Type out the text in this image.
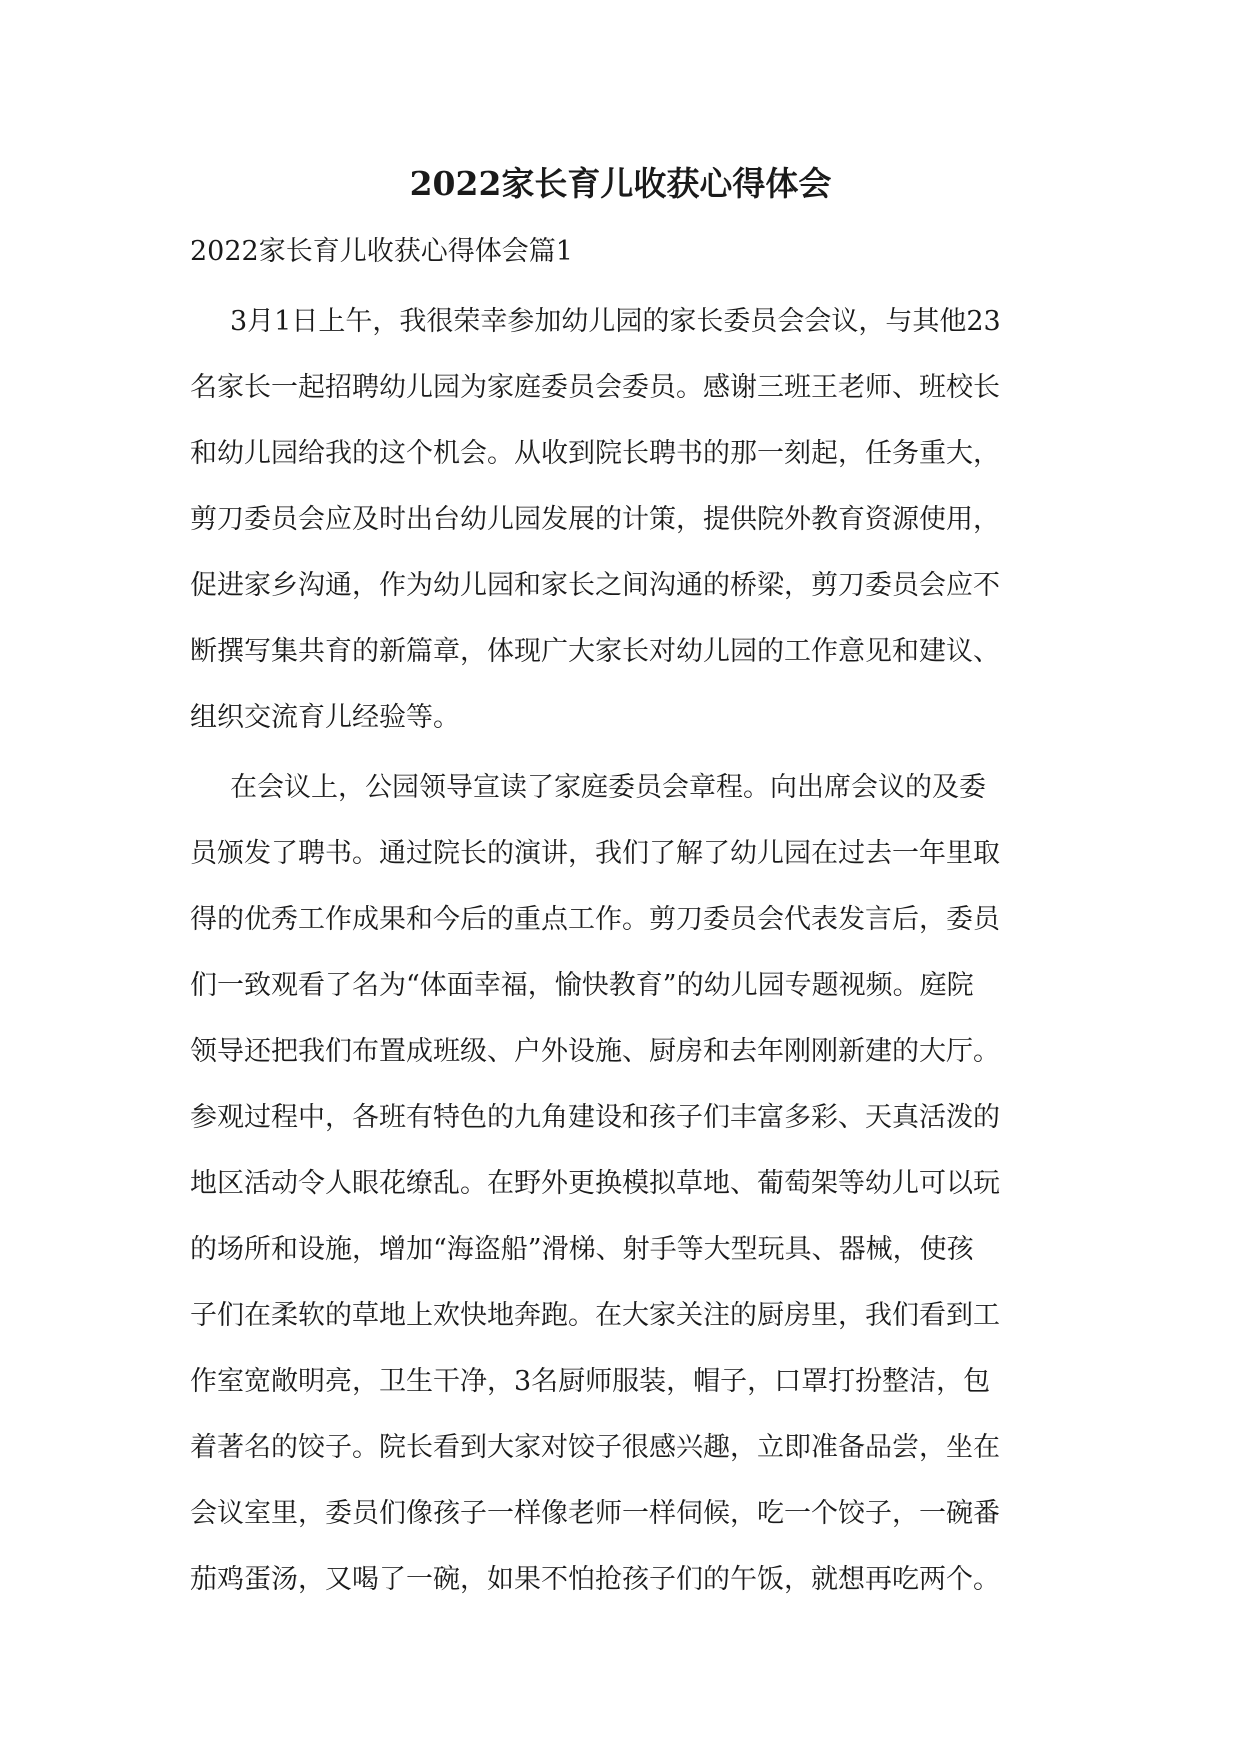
2022家长育儿收获心得体会

2022家长育儿收获心得体会篇1

3月1日上午，我很荣幸参加幼儿园的家长委员会会议，与其他23

名家长一起招聘幼儿园为家庭委员会委员。感谢三班王老师、班校长

和幼儿园给我的这个机会。从收到院长聘书的那一刻起，任务重大，

剪刀委员会应及时出台幼儿园发展的计策，提供院外教育资源使用，

促进家乡沟通，作为幼儿园和家长之间沟通的桥梁，剪刀委员会应不

断撰写集共育的新篇章，体现广大家长对幼儿园的工作意见和建议、

组织交流育儿经验等。

在会议上，公园领导宣读了家庭委员会章程。向出席会议的及委

员颁发了聘书。通过院长的演讲，我们了解了幼儿园在过去一年里取

得的优秀工作成果和今后的重点工作。剪刀委员会代表发言后，委员

们一致观看了名为“体面幸福，愉快教育”的幼儿园专题视频。庭院

领导还把我们布置成班级、户外设施、厨房和去年刚刚新建的大厅。

参观过程中，各班有特色的九角建设和孩子们丰富多彩、天真活泼的

地区活动令人眼花缭乱。在野外更换模拟草地、葡萄架等幼儿可以玩

的场所和设施，增加“海盗船”滑梯、射手等大型玩具、器械，使孩

子们在柔软的草地上欢快地奔跑。在大家关注的厨房里，我们看到工

作室宽敞明亮，卫生干净，3名厨师服装，帽子，口罩打扮整洁，包

着著名的饺子。院长看到大家对饺子很感兴趣，立即准备品尝，坐在

会议室里，委员们像孩子一样像老师一样伺候，吃一个饺子，一碗番

茄鸡蛋汤，又喝了一碗，如果不怕抢孩子们的午饭，就想再吃两个。
